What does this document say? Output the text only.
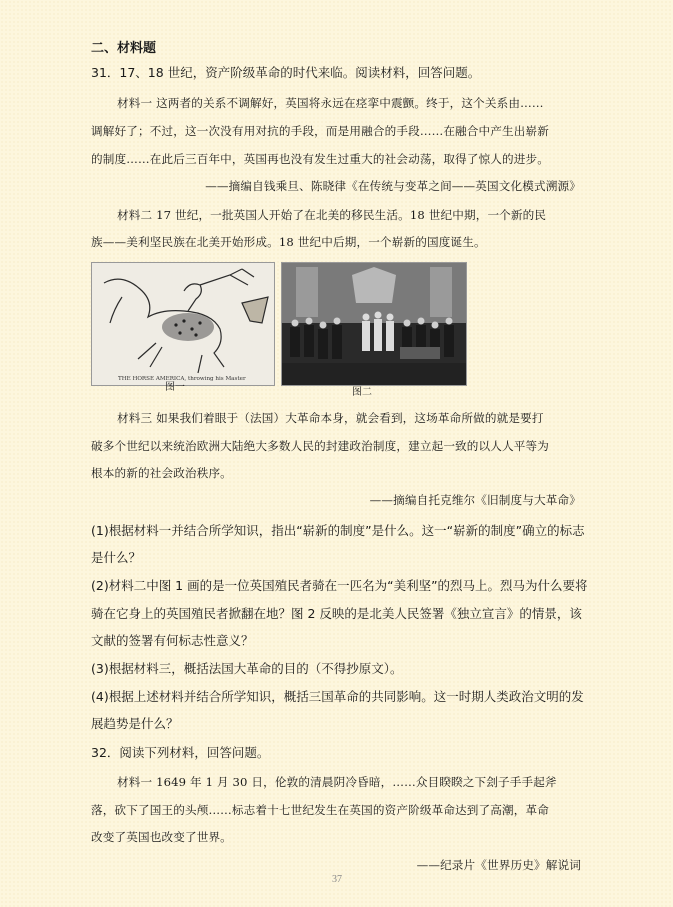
二、材料题
31．17、18 世纪，资产阶级革命的时代来临。阅读材料，回答问题。
材料一 这两者的关系不调解好，英国将永远在痉挛中震颤。终于，这个关系由……
调解好了；不过，这一次没有用对抗的手段，而是用融合的手段……在融合中产生出崭新
的制度……在此后三百年中，英国再也没有发生过重大的社会动荡，取得了惊人的进步。
——摘编自钱乘旦、陈晓律《在传统与变革之间——英国文化模式溯源》
材料二 17 世纪，一批英国人开始了在北美的移民生活。18 世纪中期，一个新的民
族——美利坚民族在北美开始形成。18 世纪中后期，一个崭新的国度诞生。
THE HORSE AMERICA, throwing his Master
图一	图二
材料三 如果我们着眼于（法国）大革命本身，就会看到，这场革命所做的就是要打
破多个世纪以来统治欧洲大陆绝大多数人民的封建政治制度，建立起一致的以人人平等为
根本的新的社会政治秩序。
——摘编自托克维尔《旧制度与大革命》
(1)根据材料一并结合所学知识，指出“崭新的制度”是什么。这一“崭新的制度”确立的标志
是什么？
(2)材料二中图 1 画的是一位英国殖民者骑在一匹名为“美利坚”的烈马上。烈马为什么要将
骑在它身上的英国殖民者掀翻在地？图 2 反映的是北美人民签署《独立宣言》的情景，该
文献的签署有何标志性意义？
(3)根据材料三，概括法国大革命的目的（不得抄原文）。
(4)根据上述材料并结合所学知识，概括三国革命的共同影响。这一时期人类政治文明的发
展趋势是什么？
32．阅读下列材料，回答问题。
材料一 1649 年 1 月 30 日，伦敦的清晨阴冷昏暗，……众目睽睽之下刽子手手起斧
落，砍下了国王的头颅……标志着十七世纪发生在英国的资产阶级革命达到了高潮，革命
改变了英国也改变了世界。
——纪录片《世界历史》解说词
37
